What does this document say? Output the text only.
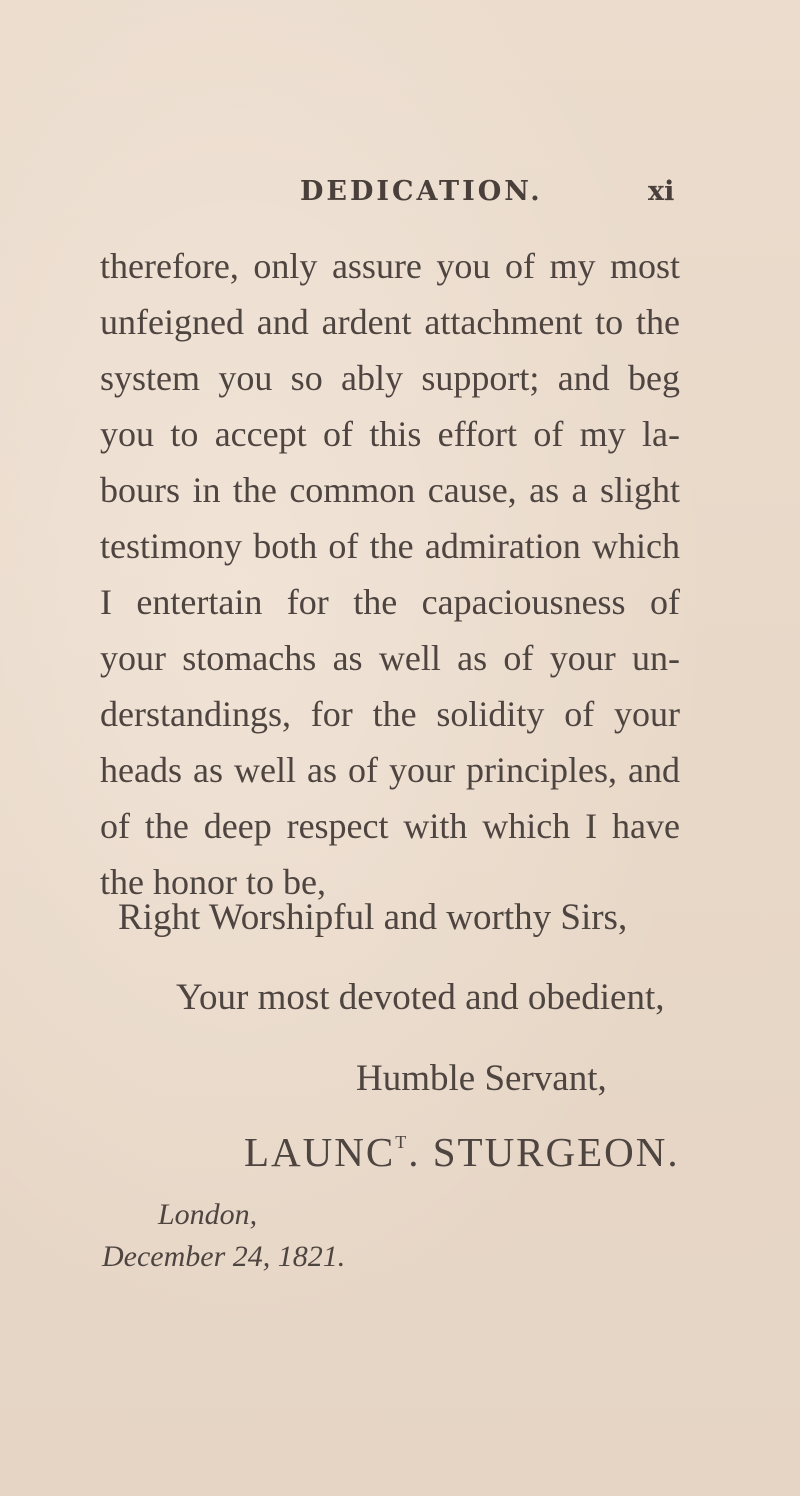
DEDICATION.	xi
therefore, only assure you of my most
unfeigned and ardent attachment to the
system you so ably support; and beg
you to accept of this effort of my la-
bours in the common cause, as a slight
testimony both of the admiration which
I entertain for the capaciousness of
your stomachs as well as of your un-
derstandings, for the solidity of your
heads as well as of your principles, and
of the deep respect with which I have
the honor to be,
Right Worshipful and worthy Sirs,
Your most devoted and obedient,
Humble Servant,
$LAUNC^T$. STURGEON.
London,
December 24, 1821.
